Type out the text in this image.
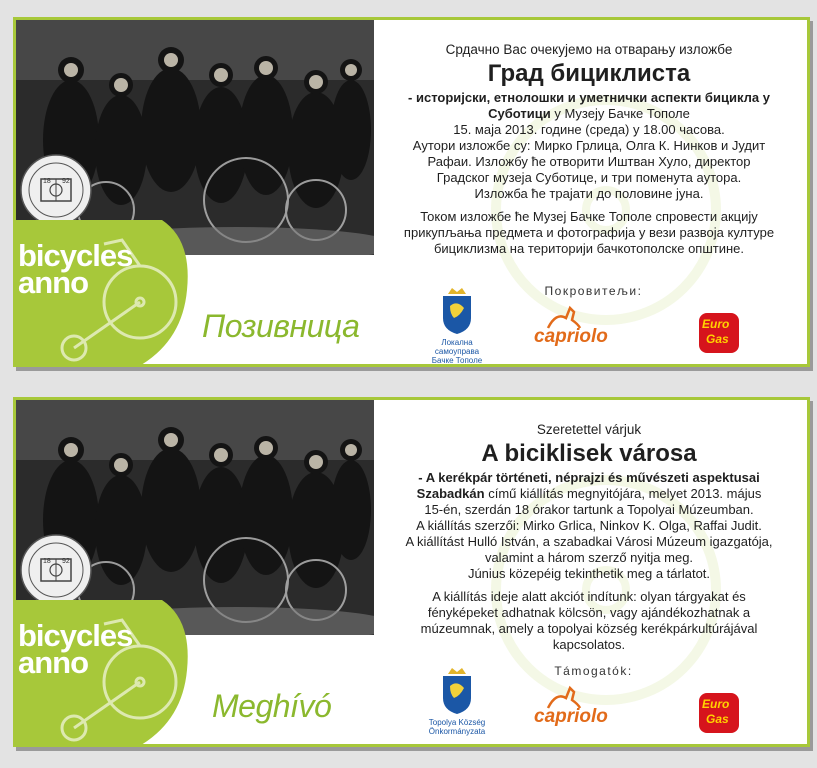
18 92
bicycles
anno
Позивница
Срдачно Вас очекујемо на отварању изложбе
Град бициклиста

- историјски, етнолошки и уметнички аспекти бицикла у

Суботици у Музеју Бачке Тополе

15. маја 2013. године (среда) у 18.00 часова.

Аутори изложбе су: Мирко Грлица, Олга К. Нинков и Јудит

Рафаи. Изложбу ће отворити Иштван Хуло, директор

Градског музеја Суботице, и три поменута аутора.

Изложба ће трајати до половине јуна.

Током изложбе ће Музеј Бачке Тополе спровести акцију

прикупљања предмета и фотографија у вези развоја културе

бициклизма на територији бачкотополске општине.

Покровитељи:
Локална самоуправа
Бачке Тополе
capriolo
Euro
Gas
18 92
bicycles
anno
Meghívó
Szeretettel várjuk
A biciklisek városa

- A kerékpár történeti, néprajzi és művészeti aspektusai

Szabadkán című kiállítás megnyitójára, melyet 2013. május

15-én, szerdán 18 órakor tartunk a Topolyai Múzeumban.

A kiállítás szerzői: Mirko Grlica, Ninkov K. Olga, Raffai Judit.

A kiállítást Hulló István, a szabadkai Városi Múzeum igazgatója,

valamint a három szerző nyitja meg.

Június közepéig tekinthetik meg a tárlatot.

A kiállítás ideje alatt akciót indítunk: olyan tárgyakat és

fényképeket adhatnak kölcsön, vagy ajándékozhatnak a

múzeumnak, amely a topolyai község kerékpárkultúrájával

kapcsolatos.

Támogatók:
Topolya Község
Önkormányzata
capriolo
Euro
Gas
